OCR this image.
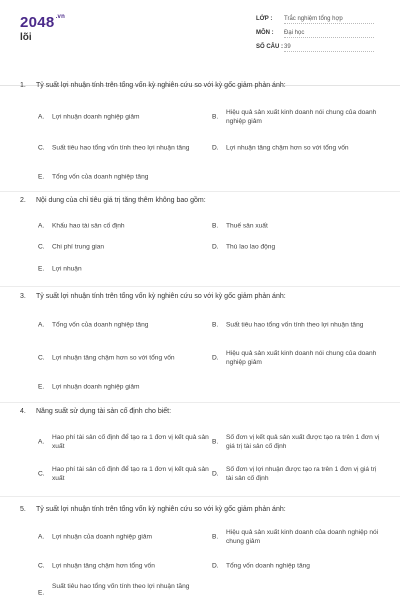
$2048^{.vn}$
lõi
LỚP :	Trắc nghiệm tổng hợp
MÔN :	Đại học
SỐ CÂU : 39
1. Tỷ suất lợi nhuận tính trên tổng vốn kỳ nghiên cứu so với kỳ gốc giảm phản ánh:
A. Lợi nhuận doanh nghiệp giảm	B.
Hiệu quả sản xuất kinh doanh nói chung của doanh nghiệp giảm
C. Suất tiêu hao tổng vốn tính theo lợi nhuận tăng	D. Lợi nhuận tăng chậm hơn so với tổng vốn
E. Tổng vốn của doanh nghiệp tăng
2. Nội dung của chỉ tiêu giá trị tăng thêm không bao gồm:
A. Khấu hao tài sản cố định	B. Thuế sản xuất
C. Chi phí trung gian	D. Thù lao lao động
E. Lợi nhuận
3. Tỷ suất lợi nhuận tính trên tổng vốn kỳ nghiên cứu so với kỳ gốc giảm phản ánh:
A. Tổng vốn của doanh nghiệp tăng	B. Suất tiêu hao tổng vốn tính theo lợi nhuận tăng
C. Lợi nhuận tăng chậm hơn so với tổng vốn	D.
Hiệu quả sản xuất kinh doanh nói chung của doanh nghiệp giảm
E. Lợi nhuận doanh nghiệp giảm
4. Năng suất sử dụng tài sản cố định cho biết:
A.
Hao phí tài sản cố định để tạo ra 1 đơn vị kết quả sản xuất
B.
Số đơn vị kết quả sản xuất được tạo ra trên 1 đơn vị giá trị tài sản cố định
C.
Hao phí tài sản cố định để tạo ra 1 đơn vị kết quả sản xuất
D.
Số đơn vị lợi nhuận được tạo ra trên 1 đơn vị giá trị tài sản cố định
5. Tỷ suất lợi nhuận tính trên tổng vốn kỳ nghiên cứu so với kỳ gốc giảm phản ánh:
A. Lợi nhuận của doanh nghiệp giảm	B.
Hiệu quả sản xuất kinh doanh của doanh nghiệp nói chung giảm
C. Lợi nhuận tăng chậm hơn tổng vốn	D. Tổng vốn doanh nghiệp tăng
E.
Suất tiêu hao tổng vốn tính theo lợi nhuận tăng
